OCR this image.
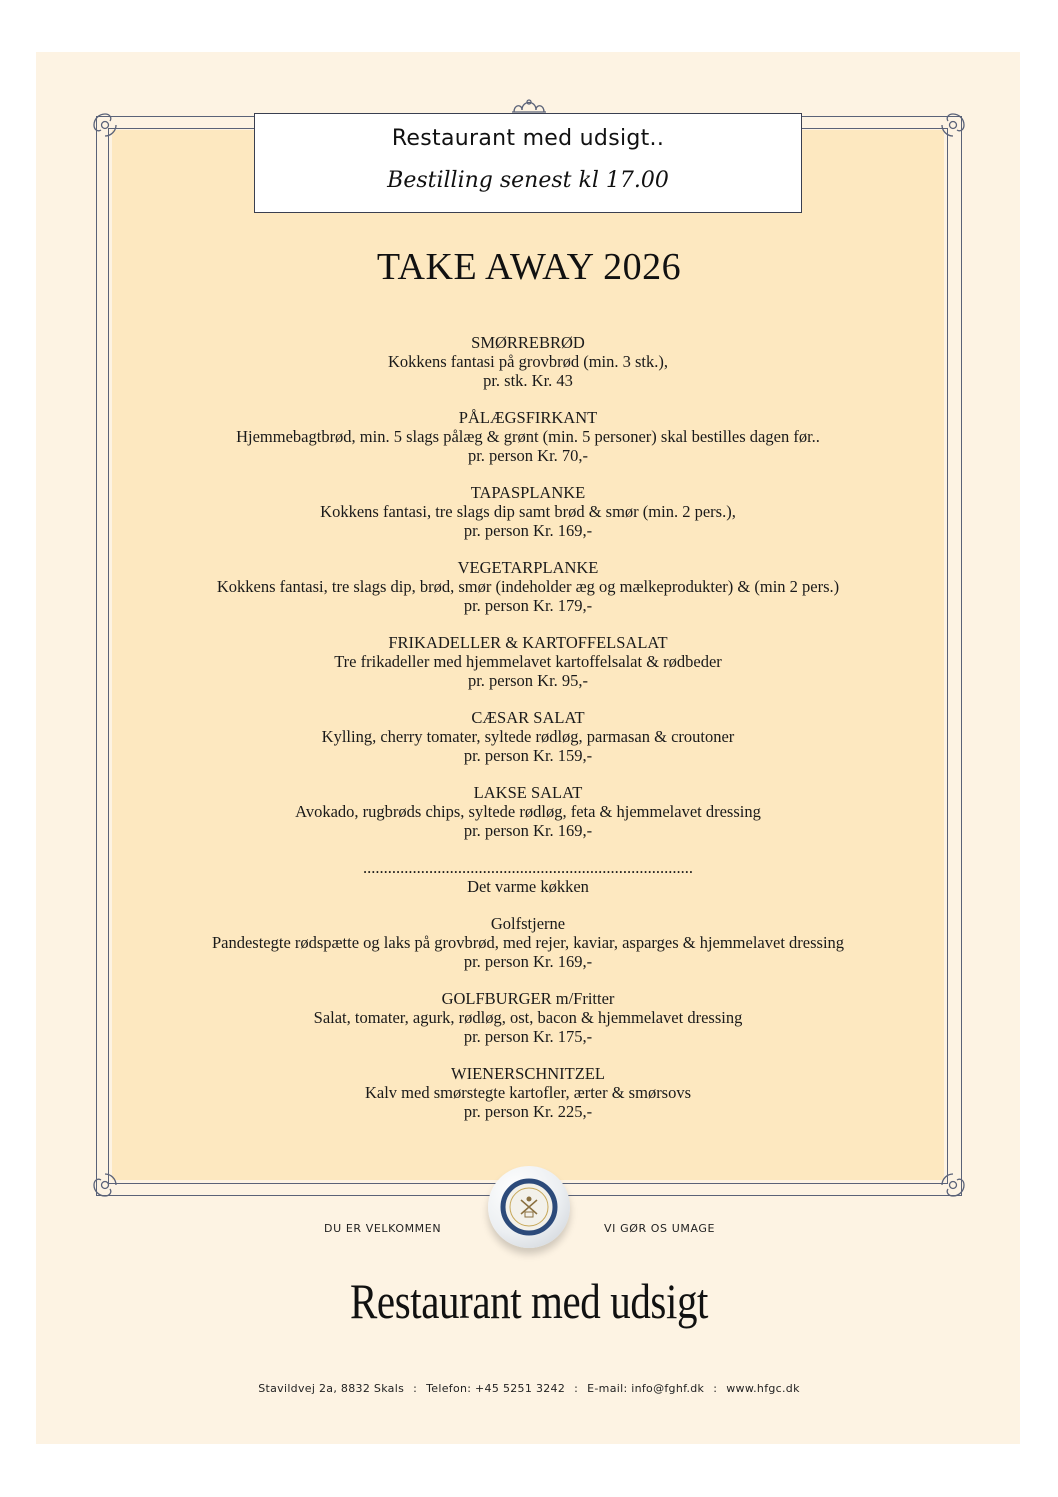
Restaurant med udsigt..
Bestilling senest kl 17.00
TAKE AWAY 2026
SMØRREBRØD
Kokkens fantasi på grovbrød (min. 3 stk.),
pr. stk. Kr. 43
PÅLÆGSFIRKANT
Hjemmebagtbrød, min. 5 slags pålæg & grønt (min. 5 personer) skal bestilles dagen før..
pr. person Kr. 70,-
TAPASPLANKE
Kokkens fantasi, tre slags dip samt brød & smør (min. 2 pers.),
pr. person Kr. 169,-
VEGETARPLANKE
Kokkens fantasi, tre slags dip, brød, smør (indeholder æg og mælkeprodukter) & (min 2 pers.)
pr. person Kr. 179,-
FRIKADELLER & KARTOFFELSALAT
Tre frikadeller med hjemmelavet kartoffelsalat & rødbeder
pr. person Kr. 95,-
CÆSAR SALAT
Kylling, cherry tomater, syltede rødløg, parmasan & croutoner
pr. person Kr. 159,-
LAKSE SALAT
Avokado, rugbrøds chips, syltede rødløg, feta & hjemmelavet dressing
pr. person Kr. 169,-
................................................................................
Det varme køkken
Golfstjerne
Pandestegte rødspætte og laks på grovbrød, med rejer, kaviar, asparges & hjemmelavet dressing
pr. person Kr. 169,-
GOLFBURGER m/Fritter
Salat, tomater, agurk, rødløg, ost, bacon & hjemmelavet dressing
pr. person Kr. 175,-
WIENERSCHNITZEL
Kalv med smørstegte kartofler, ærter & smørsovs
pr. person Kr. 225,-
DU ER VELKOMMEN	VI GØR OS UMAGE
Restaurant med udsigt
Stavildvej 2a, 8832 Skals : Telefon: +45 5251 3242 : E-mail: info@fghf.dk : www.hfgc.dk
